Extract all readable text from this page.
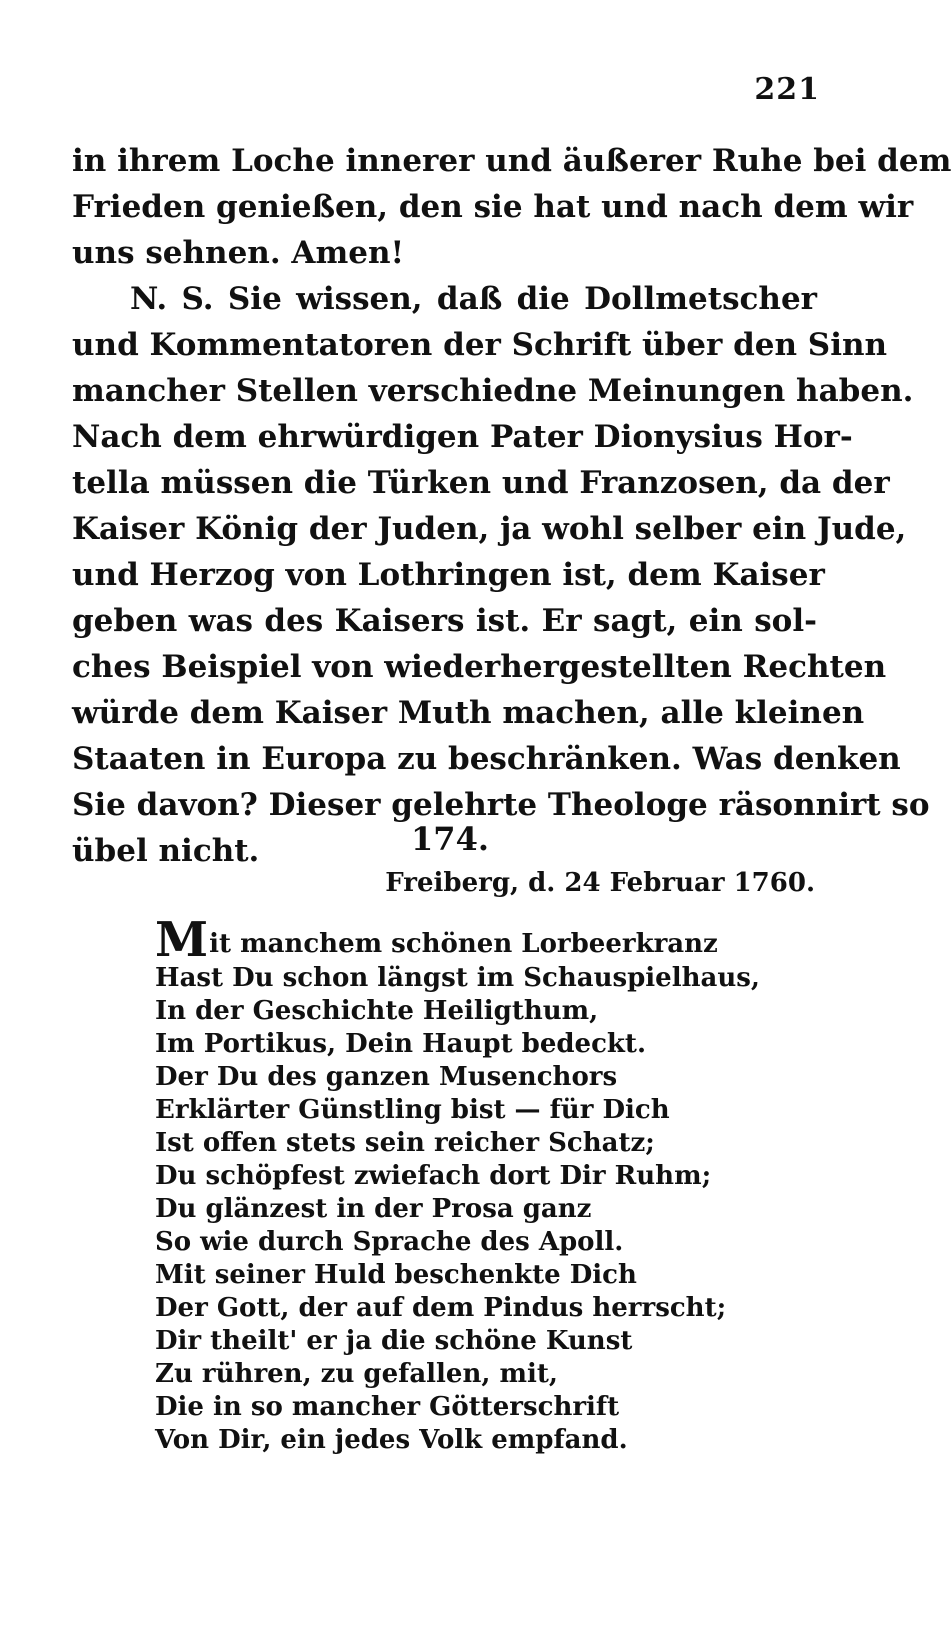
221
in ihrem Loche innerer und äußerer Ruhe bei dem
Frieden genießen, den sie hat und nach dem wir
uns sehnen. Amen!
N. S. Sie wissen, daß die Dollmetscher
und Kommentatoren der Schrift über den Sinn
mancher Stellen verschiedne Meinungen haben.
Nach dem ehrwürdigen Pater Dionysius Hor-
tella müssen die Türken und Franzosen, da der
Kaiser König der Juden, ja wohl selber ein Jude,
und Herzog von Lothringen ist, dem Kaiser
geben was des Kaisers ist. Er sagt, ein sol-
ches Beispiel von wiederhergestellten Rechten
würde dem Kaiser Muth machen, alle kleinen
Staaten in Europa zu beschränken. Was denken
Sie davon? Dieser gelehrte Theologe räsonnirt so
übel nicht.	174.
Freiberg, d. 24 Februar 1760.
Mit manchem schönen Lorbeerkranz
Hast Du schon längst im Schauspielhaus,
In der Geschichte Heiligthum,
Im Portikus, Dein Haupt bedeckt.
Der Du des ganzen Musenchors
Erklärter Günstling bist — für Dich
Ist offen stets sein reicher Schatz;
Du schöpfest zwiefach dort Dir Ruhm;
Du glänzest in der Prosa ganz
So wie durch Sprache des Apoll.
Mit seiner Huld beschenkte Dich
Der Gott, der auf dem Pindus herrscht;
Dir theilt' er ja die schöne Kunst
Zu rühren, zu gefallen, mit,
Die in so mancher Götterschrift
Von Dir, ein jedes Volk empfand.
